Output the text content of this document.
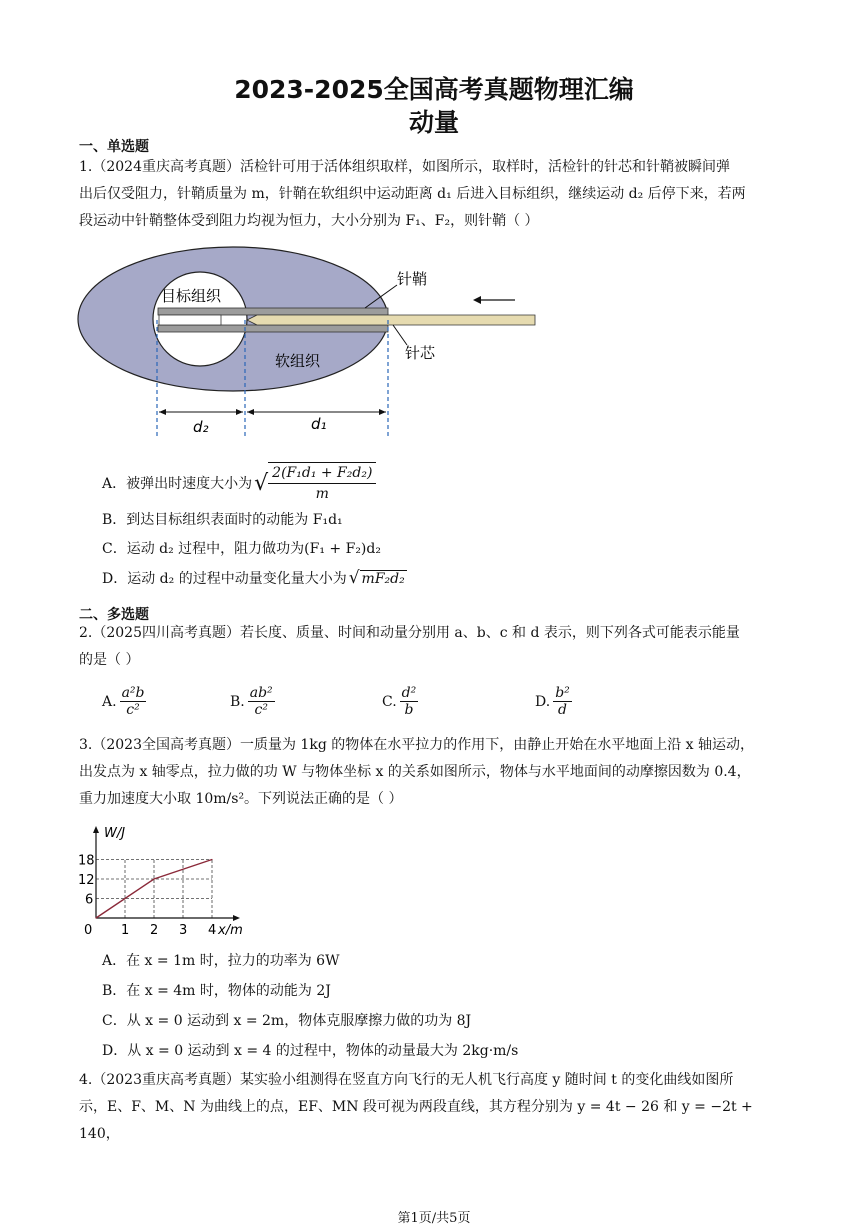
2023-2025全国高考真题物理汇编
动量
一、单选题
1.（2024重庆高考真题）活检针可用于活体组织取样，如图所示，取样时，活检针的针芯和针鞘被瞬间弹
出后仅受阻力，针鞘质量为 m，针鞘在软组织中运动距离 d₁ 后进入目标组织，继续运动 d₂ 后停下来，若两
段运动中针鞘整体受到阻力均视为恒力，大小分别为 F₁、F₂，则针鞘（ ）
目标组织
针鞘
针芯
软组织
d₂	d₁
A．被弹出时速度大小为 √ $\frac{\text{2(F₁d₁ + F₂d₂)}}{m}$
B．到达目标组织表面时的动能为 F₁d₁
C．运动 d₂ 过程中，阻力做功为(F₁ + F₂)d₂
D．运动 d₂ 的过程中动量变化量大小为 √ mF₂d₂
二、多选题
2.（2025四川高考真题）若长度、质量、时间和动量分别用 a、b、c 和 d 表示，则下列各式可能表示能量
的是（ ）
A. $\frac{\text{a²b}}{\text{c²}}$	B. $\frac{\text{ab²}}{\text{c²}}$	C. $\frac{\text{d²}}{b}$	D. $\frac{\text{b²}}{d}$
3.（2023全国高考真题）一质量为 1kg 的物体在水平拉力的作用下，由静止开始在水平地面上沿 x 轴运动，
出发点为 x 轴零点，拉力做的功 W 与物体坐标 x 的关系如图所示，物体与水平地面间的动摩擦因数为 0.4，
重力加速度大小取 10m/s²。下列说法正确的是（ ）
0 1 2 3 4
6
12
18
W/J
x/m
A．在 x = 1m 时，拉力的功率为 6W
B．在 x = 4m 时，物体的动能为 2J
C．从 x = 0 运动到 x = 2m，物体克服摩擦力做的功为 8J
D．从 x = 0 运动到 x = 4 的过程中，物体的动量最大为 2kg·m/s
4.（2023重庆高考真题）某实验小组测得在竖直方向飞行的无人机飞行高度 y 随时间 t 的变化曲线如图所
示，E、F、M、N 为曲线上的点，EF、MN 段可视为两段直线，其方程分别为 y = 4t − 26 和 y = −2t + 140，
第1页/共5页
